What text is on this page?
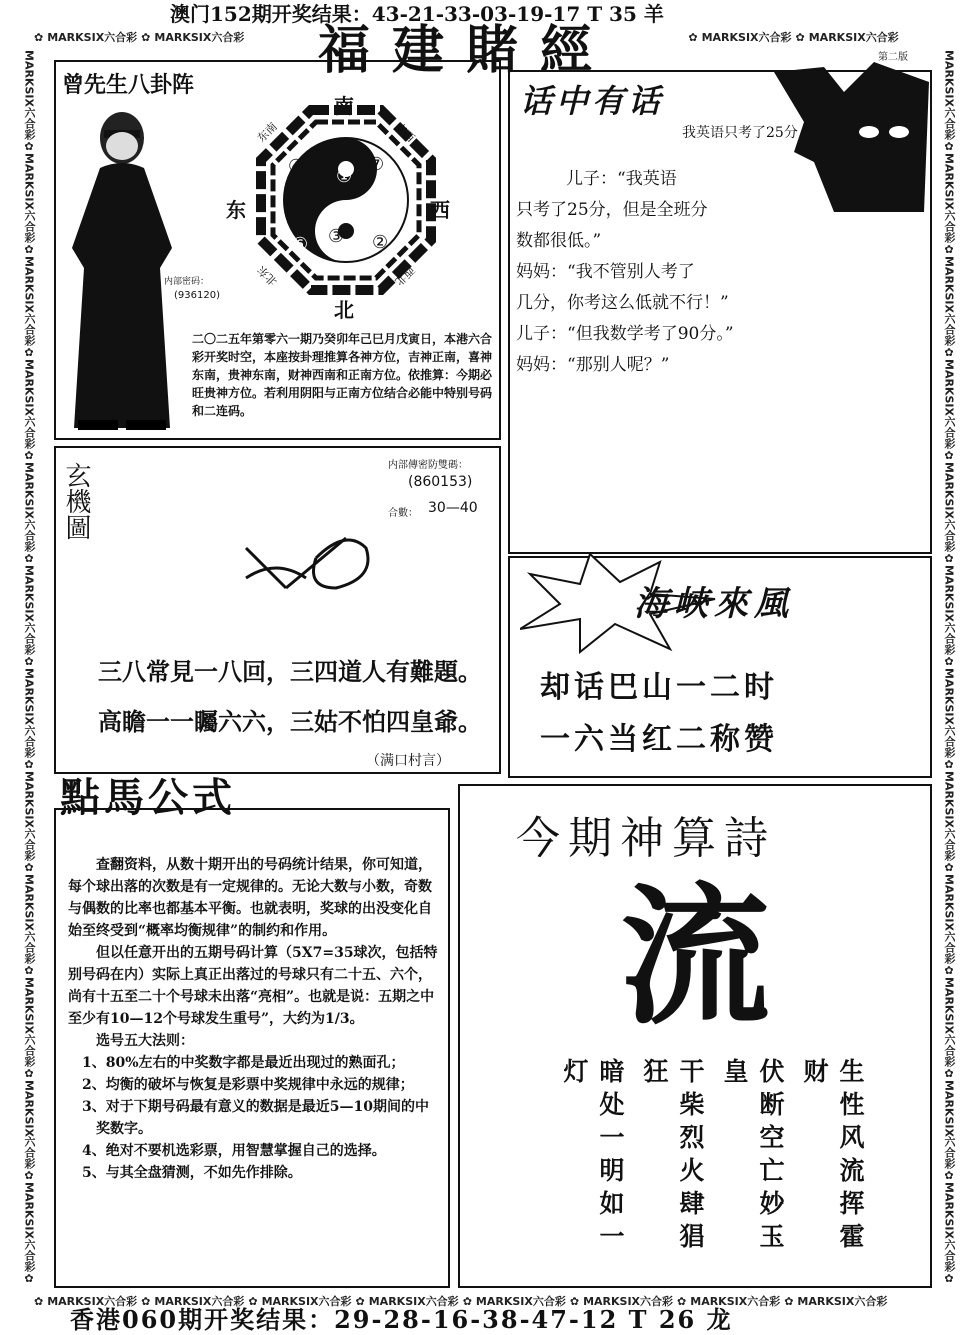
澳门152期开奖结果：43-21-33-03-19-17 T 35 羊
✿ MARKSIX 六合彩 ✿ MARKSIX 六合彩	✿ MARKSIX 六合彩 ✿ MARKSIX 六合彩
福建賭經	第二版
MARKSIX
六合彩
✿
MARKSIX
六合彩
✿
MARKSIX
六合彩
✿
MARKSIX
六合彩
✿
MARKSIX
六合彩
✿
MARKSIX
六合彩
✿
MARKSIX
六合彩
✿
MARKSIX
六合彩
✿
MARKSIX
六合彩
✿
MARKSIX
六合彩
✿
MARKSIX
六合彩
✿
MARKSIX
六合彩
✿
MARKSIX
六合彩
✿
MARKSIX
六合彩
✿
MARKSIX
六合彩
✿
MARKSIX
六合彩
✿
MARKSIX
六合彩
✿
MARKSIX
六合彩
✿
MARKSIX
六合彩
✿
MARKSIX
六合彩
✿
MARKSIX
六合彩
✿
MARKSIX
六合彩
✿
MARKSIX
六合彩
✿
MARKSIX
六合彩
✿
曾先生八卦阵
内部密码：
(936120)
南
北
东	西
东南	南西
北东	西北
①
②
③
④
⑥
⑦
二〇二五年第零六一期乃癸卯年己巳月戊寅日，本港六合彩开奖时空，本座按卦理推算各神方位，吉神正南，喜神东南，贵神东南，财神西南和正南方位。依推算：今期必旺贵神方位。若利用阴阳与正南方位结合必能中特别号码和二连码。
话中有话
我英语只考了25分
儿子：“我英语
只考了25分，但是全班分
数都很低。”
妈妈：“我不管别人考了
几分，你考这么低就不行！”
儿子：“但我数学考了90分。”
妈妈：“那别人呢？”
玄機圖	内部傳密防雙碼：
(860153)
合數： 30—40
三八常見一八回，三四道人有難題。
高瞻一一矚六六，三姑不怕四皇爺。
（满口村言）
海峽來風
却话巴山一二时
一六当红二称赞
點馬公式

查翻资料，从数十期开出的号码统计结果，你可知道，每个球出落的次数是有一定规律的。无论大数与小数，奇数与偶数的比率也都基本平衡。也就表明，奖球的出没变化自始至终受到“概率均衡规律”的制约和作用。

但以任意开出的五期号码计算（5X7=35球次，包括特别号码在内）实际上真正出落过的号球只有二十五、六个，尚有十五至二十个号球未出落“亮相”。也就是说：五期之中至少有10—12个号球发生重号”，大约为1/3。

选号五大法则：

1、80%左右的中奖数字都是最近出现过的熟面孔；

2、均衡的破坏与恢复是彩票中奖规律中永远的规律；

3、对于下期号码最有意义的数据是最近5—10期间的中奖数字。

4、绝对不要机选彩票，用智慧掌握自己的选择。

5、与其全盘猜测，不如先作排除。

今期神算詩
流
生性风流挥霍财
伏断空亡妙玉皇
干柴烈火肆猖狂
暗处一明如一灯
✿ MARKSIX 六合彩 ✿ MARKSIX 六合彩 ✿ MARKSIX 六合彩 ✿ MARKSIX 六合彩 ✿ MARKSIX 六合彩 ✿ MARKSIX 六合彩 ✿ MARKSIX 六合彩 ✿ MARKSIX 六合彩
香港060期开奖结果：29-28-16-38-47-12 T 26 龙
